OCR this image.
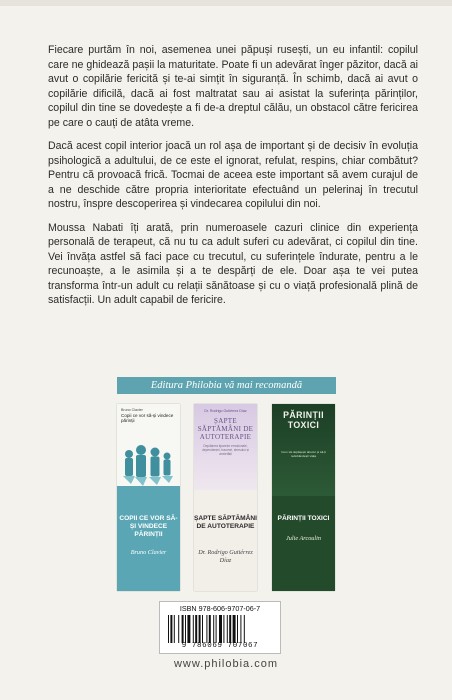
Fiecare purtăm în noi, asemenea unei păpuși rusești, un eu infantil: copilul care ne ghidează pașii la maturitate. Poate fi un adevărat înger păzitor, dacă ai avut o copilărie fericită și te-ai simțit în siguranță. În schimb, dacă ai avut o copilărie dificilă, dacă ai fost maltratat sau ai asistat la suferința părinților, copilul din tine se dovedește a fi de-a dreptul călău, un obstacol către fericirea pe care o cauți de atâta vreme.

Dacă acest copil interior joacă un rol așa de important și de decisiv în evoluția psihologică a adultului, de ce este el ignorat, refulat, respins, chiar combătut? Pentru că provoacă frică. Tocmai de aceea este important să avem curajul de a ne deschide către propria interioritate efectuând un pelerinaj în trecutul nostru, înspre descoperirea și vindecarea copilului din noi.

Moussa Nabati îți arată, prin numeroasele cazuri clinice din experiența personală de terapeut, că nu tu ca adult suferi cu adevărat, ci copilul din tine. Vei învăța astfel să faci pace cu trecutul, cu suferințele îndurate, pentru a le recunoaște, a le asimila și a te despărți de ele. Doar așa te vei putea transforma într-un adult cu relații sănătoase și cu o viață profesională plină de satisfacții. Un adult capabil de fericire.

Editura Philobia vă mai recomandă
Bruno Clavier
Copii ce vor să-și vindece părinții
COPII CE VOR SĂ-ȘI VINDECE PĂRINȚII
Bruno Clavier
Dr. Rodrigo Gutiérrez Díaz
ȘAPTE SĂPTĂMÂNI DE AUTOTERAPIE
Depășirea tiparelor emoționale, dependenței, traumei, stresului și anxietății
ȘAPTE SĂPTĂMÂNI DE AUTOTERAPIE
Dr. Rodrigo Gutiérrez Díaz
PĂRINȚII TOXICI
Cum să depășești abuzul și să-ți redobândești viața
PĂRINȚII TOXICI
Julie Arcoulin
ISBN 978-606-9707-06-7
9 786069 707067
www.philobia.com
